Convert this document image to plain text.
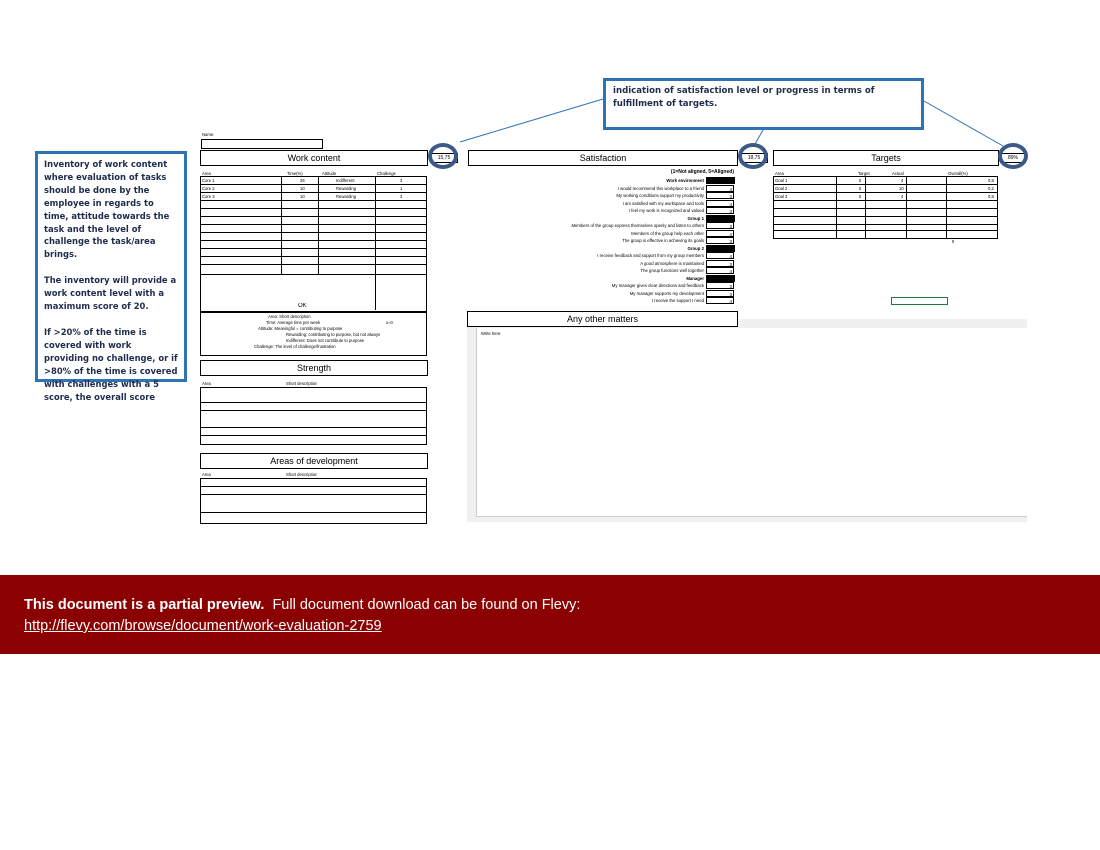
Inventory of work content where evaluation of tasks should be done by the employee in regards to time, attitude towards the task and the level of challenge the task/area brings.
The inventory will provide a work content level with a maximum score of 20.
If >20% of the time is covered with work providing no challenge, or if >80% of the time is covered with challenges with a 5 score, the overall score
indication of satisfaction level or progress in terms of fulfillment of targets.
Name:
Work content	15,75
Area	Time(%)	Attitude	Challenge
Core 1	25	Indifferent	3
Core 2	10	Rewarding	1
Core 3	10	Rewarding	3
OK
Area: Short description
Time: Average time per week	x=0
Attitude: Meaningful = contributing to purpose
Rewarding: contributing to purpose, but not always
Indifferent: Does not contribute to purpose
Challenge: The level of challenge/frustration
Strength
Area	Short description
Areas of development
Area	Short description
Satisfaction	18,75
(1=Not aligned, 5=Aligned)
Work environment
I would recommend this workplace to a friend	4
My working conditions support my productivity	3
I am satisfied with my workspace and tools	4
I feel my work is recognized and valued	3
Group 1
Members of the group express themselves openly and listen to others	3
Members of the group help each other	4
The group is effective in achieving its goals	3
Group 2
I receive feedback and support from my group members	4
A good atmosphere is maintained	3
The group functions well together	4
Manager
My manager gives clear directions and feedback	3
My manager supports my development	3
I receive the support I need	4
Targets	89%
Area	Target	Actual	Overall(%)
Goal 1	5	4	0,8
Goal 2	5	10	0,2
Goal 3	5	4	0,8
8
Any other matters
Write here:
This document is a partial preview. Full document download can be found on Flevy:
http://flevy.com/browse/document/work-evaluation-2759
